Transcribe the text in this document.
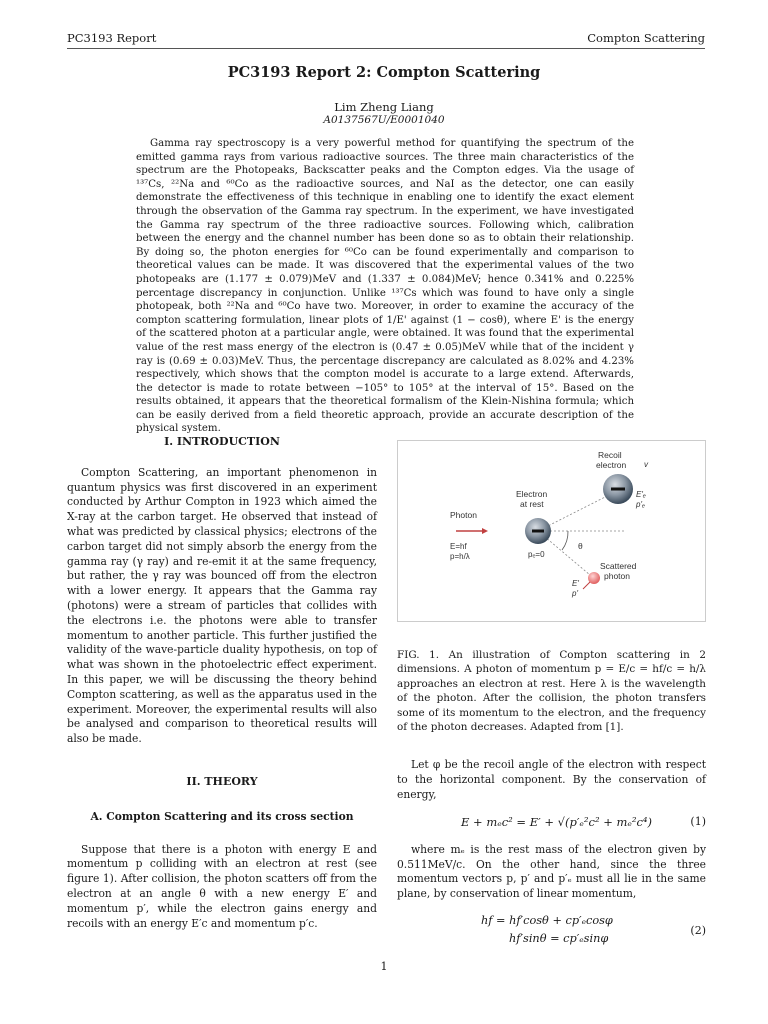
PC3193 Report	Compton Scattering
PC3193 Report 2: Compton Scattering
Lim Zheng Liang
A0137567U/E0001040
Gamma ray spectroscopy is a very powerful method for quantifying the spectrum of the emitted gamma rays from various radioactive sources. The three main characteristics of the spectrum are the Photopeaks, Backscatter peaks and the Compton edges. Via the usage of ¹³⁷Cs, ²²Na and ⁶⁰Co as the radioactive sources, and NaI as the detector, one can easily demonstrate the effectiveness of this technique in enabling one to identify the exact element through the observation of the Gamma ray spectrum. In the experiment, we have investigated the Gamma ray spectrum of the three radioactive sources. Following which, calibration between the energy and the channel number has been done so as to obtain their relationship. By doing so, the photon energies for ⁶⁰Co can be found experimentally and comparison to theoretical values can be made. It was discovered that the experimental values of the two photopeaks are (1.177 ± 0.079)MeV and (1.337 ± 0.084)MeV; hence 0.341% and 0.225% percentage discrepancy in conjunction. Unlike ¹³⁷Cs which was found to have only a single photopeak, both ²²Na and ⁶⁰Co have two. Moreover, in order to examine the accuracy of the compton scattering formulation, linear plots of 1/E' against (1 − cosθ), where E' is the energy of the scattered photon at a particular angle, were obtained. It was found that the experimental value of the rest mass energy of the electron is (0.47 ± 0.05)MeV while that of the incident γ ray is (0.69 ± 0.03)MeV. Thus, the percentage discrepancy are calculated as 8.02% and 4.23% respectively, which shows that the compton model is accurate to a large extend. Afterwards, the detector is made to rotate between −105° to 105° at the interval of 15°. Based on the results obtained, it appears that the theoretical formalism of the Klein-Nishina formula; which can be easily derived from a field theoretic approach, provide an accurate description of the physical system.
I. INTRODUCTION

Compton Scattering, an important phenomenon in quantum physics was first discovered in an experiment conducted by Arthur Compton in 1923 which aimed the X-ray at the carbon target. He observed that instead of what was predicted by classical physics; electrons of the carbon target did not simply absorb the energy from the gamma ray (γ ray) and re-emit it at the same frequency, but rather, the γ ray was bounced off from the electron with a lower energy. It appears that the Gamma ray (photons) were a stream of particles that collides with the electrons i.e. the photons were able to transfer momentum to another particle. This further justified the validity of the wave-particle duality hypothesis, on top of what was shown in the photoelectric effect experiment. In this paper, we will be discussing the theory behind Compton scattering, as well as the apparatus used in the experiment. Moreover, the experimental results will also be analysed and comparison to theoretical results will also be made.

II. THEORY
A. Compton Scattering and its cross section

Suppose that there is a photon with energy E and momentum p colliding with an electron at rest (see figure 1). After collision, the photon scatters off from the electron at an angle θ with a new energy E′ and momentum p′, while the electron gains energy and recoils with an energy E′c and momentum p′c.

Recoil
electron v
Electron
at rest
Photon
E=hf
p=h/λ	pₑ=0
θ
E'ₑ
p'ₑ
Scattered
photon
E'
p'

FIG. 1. An illustration of Compton scattering in 2 dimensions. A photon of momentum p = E/c = hf/c = h/λ approaches an electron at rest. Here λ is the wavelength of the photon. After the collision, the photon transfers some of its momentum to the electron, and the frequency of the photon decreases. Adapted from [1].

Let φ be the recoil angle of the electron with respect to the horizontal component. By the conservation of energy,

E + mₑc² = E′ + √(p′ₑ²c² + mₑ²c⁴)	(1)

where mₑ is the rest mass of the electron given by 0.511MeV/c. On the other hand, since the three momentum vectors p, p′ and p′ₑ must all lie in the same plane, by conservation of linear momentum,

hf = hf′cosθ + cp′ₑcosφ
hf′sinθ = cp′ₑsinφ
(2)
1
